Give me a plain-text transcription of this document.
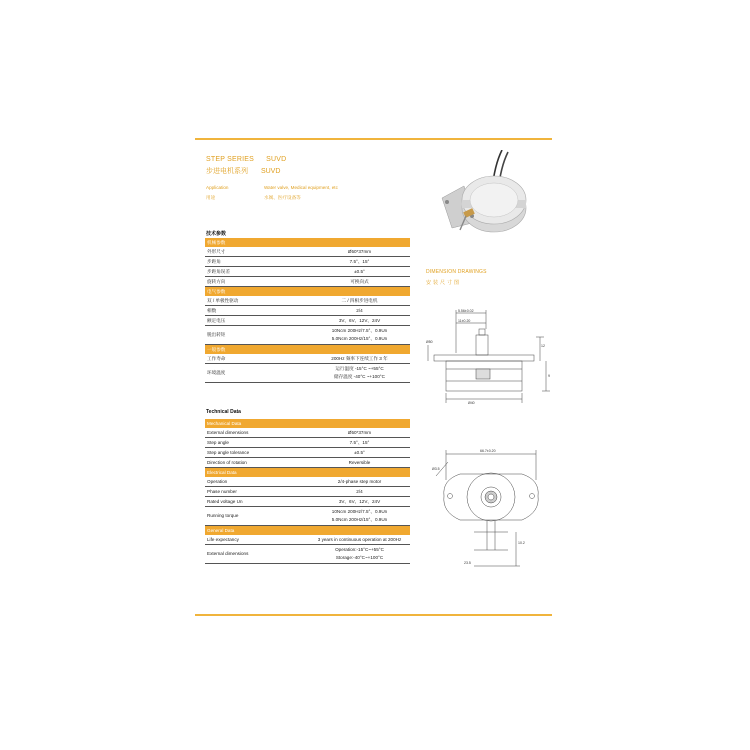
STEP SERIES SUVD
步进电机系列 SUVD
Application	Water valve, Medical equipment, etc
用途	水阀、医疗设备等
DIMENSION DRAWINGS
安装尺寸图
技术参数
机械参数	
外形尺寸	Ø50*37mm

步距角	7.5°、15°

步距角误差	±0.5°

旋转方向	可换向式

电气参数	
双 / 单极性驱动	二 / 四相步进电机

相数	2/4

额定电压	3V、6V、12V、24V

脱出转矩	10Ncm 200Hz/7.5°、0.9Un
5.0Ncm 200Hz/15°、0.9Un

一般参数	
工作寿命	200Hz 频率下连续工作 3 年

环境温度	运行温度 -15°C ~+55°C
储存温度 -40°C ~+100°C
Technical Data
Mechanical Data	
External dimensions	Ø50*37mm

Step angle	7.5°、15°

Step angle tolerance	±0.5°

Direction of rotation	Reversible

Electrical Data	
Operation	2/4-phase step motor

Phase number	2/4

Rated voltage Un	3V、6V、12V、24V

Running torque	10Ncm 200Hz/7.5°、0.9Un
5.0Ncm 200Hz/15°、0.9Un

General Data	
Life expectancy	3 years in continuous operation at 200Hz

External dimensions	Operation:-15°C~+55°C
Storage:-40°C~+100°C
5.56±0.02
11±0.20
12
9
Ø40
Ø50
66.7±0.20
Ø3.5
10.2
23.5
